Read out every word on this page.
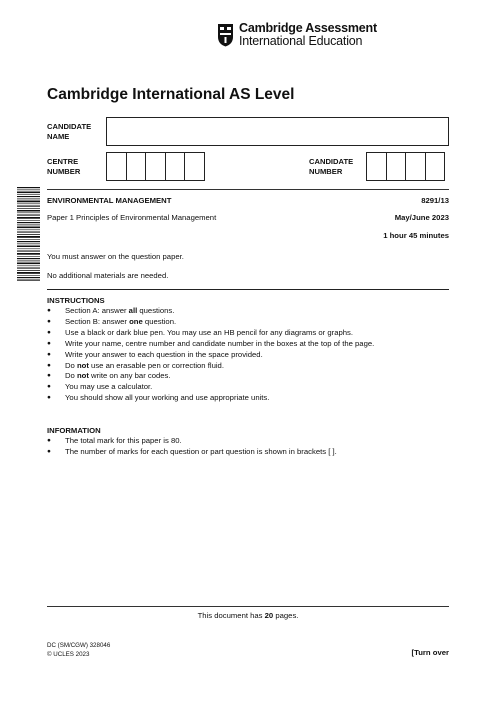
Cambridge Assessment
International Education
Cambridge International AS Level
CANDIDATE
NAME
CENTRE
NUMBER
CANDIDATE
NUMBER
ENVIRONMENTAL MANAGEMENT	8291/13
Paper 1 Principles of Environmental Management	May/June 2023
1 hour 45 minutes
You must answer on the question paper.
No additional materials are needed.
INSTRUCTIONS
● Section A: answer all questions.
● Section B: answer one question.
● Use a black or dark blue pen. You may use an HB pencil for any diagrams or graphs.
● Write your name, centre number and candidate number in the boxes at the top of the page.
● Write your answer to each question in the space provided.
● Do not use an erasable pen or correction fluid.
● Do not write on any bar codes.
● You may use a calculator.
● You should show all your working and use appropriate units.
INFORMATION
● The total mark for this paper is 80.
● The number of marks for each question or part question is shown in brackets [ ].
This document has 20 pages.
DC (SM/CGW) 328046
© UCLES 2023	[Turn over
